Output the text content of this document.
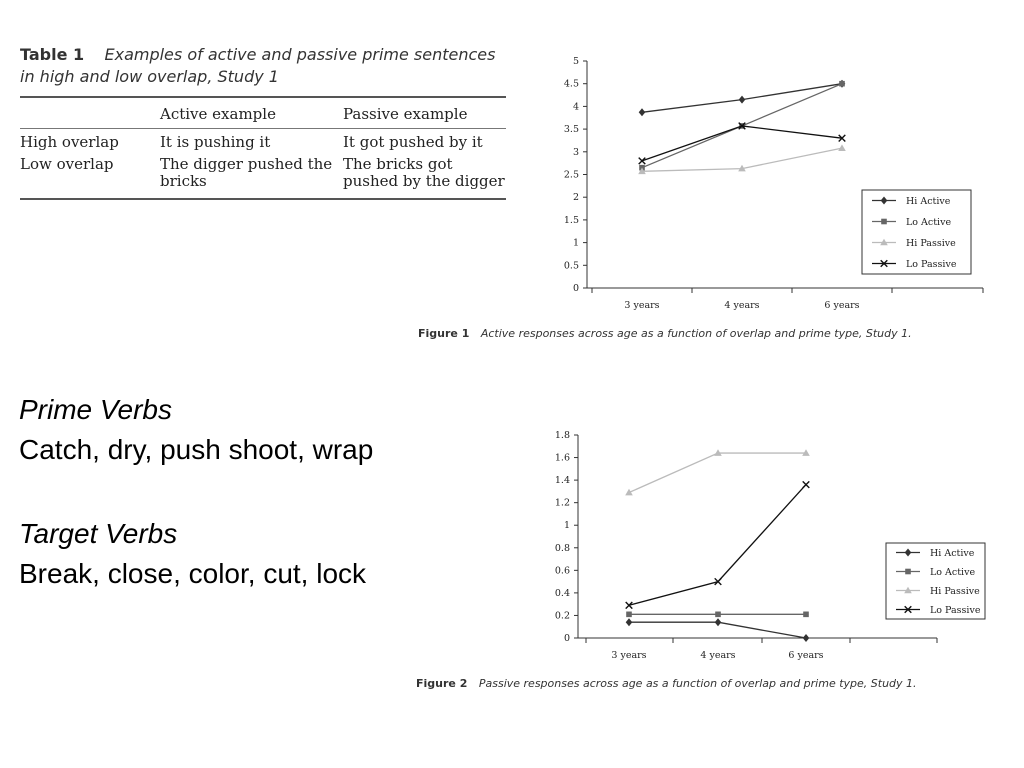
Table 1 Examples of active and passive prime sentences in high and low overlap, Study 1
	Active example	Passive example
High overlap	It is pushing it	It got pushed by it
Low overlap	The digger pushed the bricks	The bricks got pushed by the digger
0
0.5
1
1.5
2
2.5
3
3.5
4
4.5
5
3 years	4 years	6 years
Hi Active
Lo Active
Hi Passive
Lo Passive
Figure 1 Active responses across age as a function of overlap and prime type, Study 1.
0
0.2
0.4
0.6
0.8
1
1.2
1.4
1.6
1.8
3 years	4 years	6 years
Hi Active
Lo Active
Hi Passive
Lo Passive
Figure 2 Passive responses across age as a function of overlap and prime type, Study 1.
Prime Verbs
Catch, dry, push shoot, wrap
Target Verbs
Break, close, color, cut, lock
